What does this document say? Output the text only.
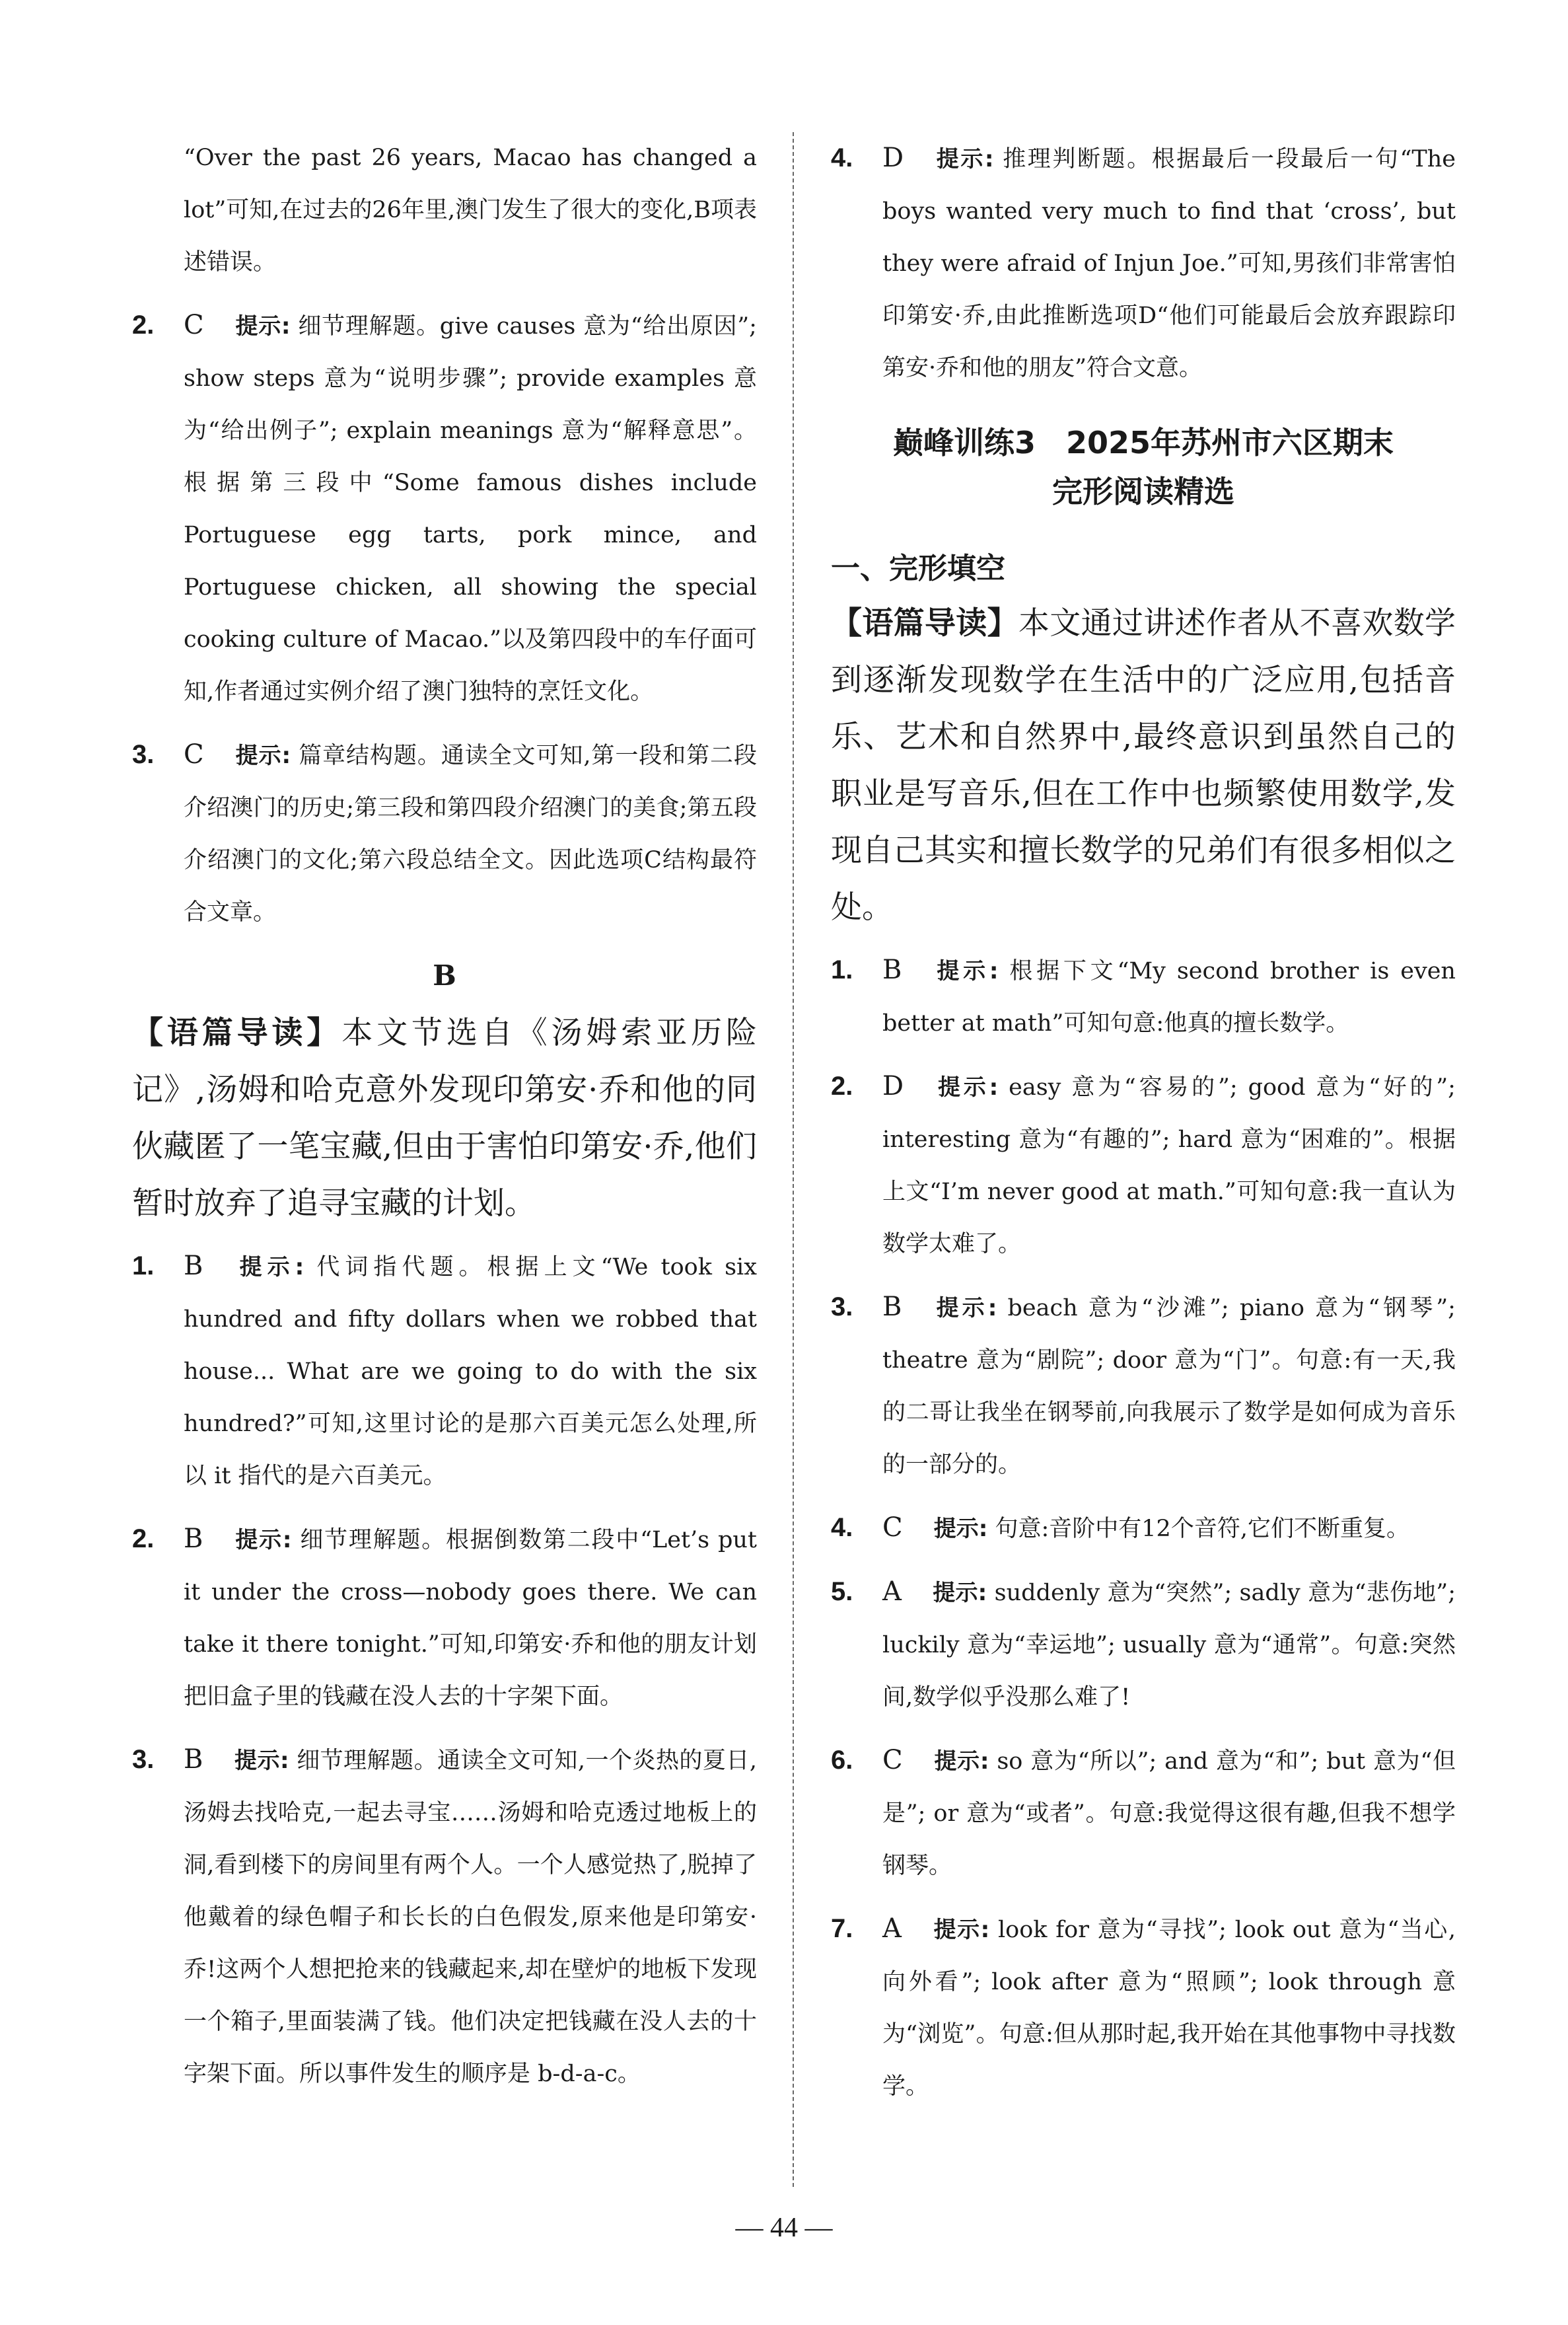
“Over the past 26 years, Macao has changed a lot”可知,在过去的26年里,澳门发生了很大的变化,B项表述错误。
2. C 提示: 细节理解题。give causes 意为“给出原因”; show steps 意为“说明步骤”; provide examples 意为“给出例子”; explain meanings 意为“解释意思”。根据第三段中“Some famous dishes include Portuguese egg tarts, pork mince, and Portuguese chicken, all showing the special cooking culture of Macao.”以及第四段中的车仔面可知,作者通过实例介绍了澳门独特的烹饪文化。
3. C 提示: 篇章结构题。通读全文可知,第一段和第二段介绍澳门的历史;第三段和第四段介绍澳门的美食;第五段介绍澳门的文化;第六段总结全文。因此选项C结构最符合文章。
B
【语篇导读】本文节选自《汤姆索亚历险记》,汤姆和哈克意外发现印第安·乔和他的同伙藏匿了一笔宝藏,但由于害怕印第安·乔,他们暂时放弃了追寻宝藏的计划。
1. B 提示: 代词指代题。根据上文“We took six hundred and fifty dollars when we robbed that house... What are we going to do with the six hundred?”可知,这里讨论的是那六百美元怎么处理,所以 it 指代的是六百美元。
2. B 提示: 细节理解题。根据倒数第二段中“Let’s put it under the cross—nobody goes there. We can take it there tonight.”可知,印第安·乔和他的朋友计划把旧盒子里的钱藏在没人去的十字架下面。
3. B 提示: 细节理解题。通读全文可知,一个炎热的夏日,汤姆去找哈克,一起去寻宝……汤姆和哈克透过地板上的洞,看到楼下的房间里有两个人。一个人感觉热了,脱掉了他戴着的绿色帽子和长长的白色假发,原来他是印第安·乔!这两个人想把抢来的钱藏起来,却在壁炉的地板下发现一个箱子,里面装满了钱。他们决定把钱藏在没人去的十字架下面。所以事件发生的顺序是 b-d-a-c。
4. D 提示: 推理判断题。根据最后一段最后一句“The boys wanted very much to find that ‘cross’, but they were afraid of Injun Joe.”可知,男孩们非常害怕印第安·乔,由此推断选项D“他们可能最后会放弃跟踪印第安·乔和他的朋友”符合文意。
巅峰训练3　2025年苏州市六区期末
完形阅读精选
一、完形填空
【语篇导读】本文通过讲述作者从不喜欢数学到逐渐发现数学在生活中的广泛应用,包括音乐、艺术和自然界中,最终意识到虽然自己的职业是写音乐,但在工作中也频繁使用数学,发现自己其实和擅长数学的兄弟们有很多相似之处。
1. B 提示: 根据下文“My second brother is even better at math”可知句意:他真的擅长数学。
2. D 提示: easy 意为“容易的”; good 意为“好的”; interesting 意为“有趣的”; hard 意为“困难的”。根据上文“I’m never good at math.”可知句意:我一直认为数学太难了。
3. B 提示: beach 意为“沙滩”; piano 意为“钢琴”; theatre 意为“剧院”; door 意为“门”。句意:有一天,我的二哥让我坐在钢琴前,向我展示了数学是如何成为音乐的一部分的。
4. C 提示: 句意:音阶中有12个音符,它们不断重复。
5. A 提示: suddenly 意为“突然”; sadly 意为“悲伤地”; luckily 意为“幸运地”; usually 意为“通常”。句意:突然间,数学似乎没那么难了!
6. C 提示: so 意为“所以”; and 意为“和”; but 意为“但是”; or 意为“或者”。句意:我觉得这很有趣,但我不想学钢琴。
7. A 提示: look for 意为“寻找”; look out 意为“当心,向外看”; look after 意为“照顾”; look through 意为“浏览”。句意:但从那时起,我开始在其他事物中寻找数学。
— 44 —
